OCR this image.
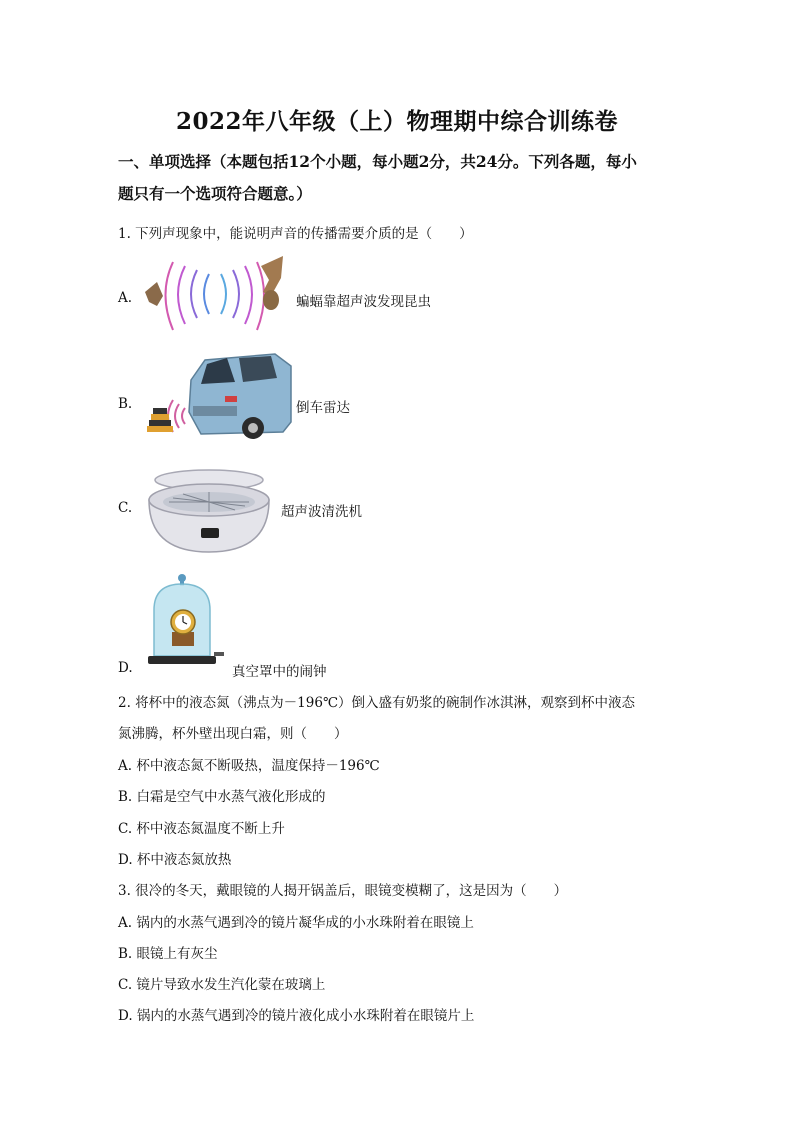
2022年八年级（上）物理期中综合训练卷
一、单项选择（本题包括12个小题，每小题2分，共24分。下列各题，每小
题只有一个选项符合题意。）
1. 下列声现象中，能说明声音的传播需要介质的是（　　）
A.	蝙蝠靠超声波发现昆虫
B.	倒车雷达
C.	超声波清洗机
D.	真空罩中的闹钟
2. 将杯中的液态氮（沸点为－196℃）倒入盛有奶浆的碗制作冰淇淋，观察到杯中液态
氮沸腾，杯外壁出现白霜，则（　　）
A. 杯中液态氮不断吸热，温度保持－196℃
B. 白霜是空气中水蒸气液化形成的
C. 杯中液态氮温度不断上升
D. 杯中液态氮放热
3. 很冷的冬天，戴眼镜的人揭开锅盖后，眼镜变模糊了，这是因为（　　）
A. 锅内的水蒸气遇到冷的镜片凝华成的小水珠附着在眼镜上
B. 眼镜上有灰尘
C. 镜片导致水发生汽化蒙在玻璃上
D. 锅内的水蒸气遇到冷的镜片液化成小水珠附着在眼镜片上
